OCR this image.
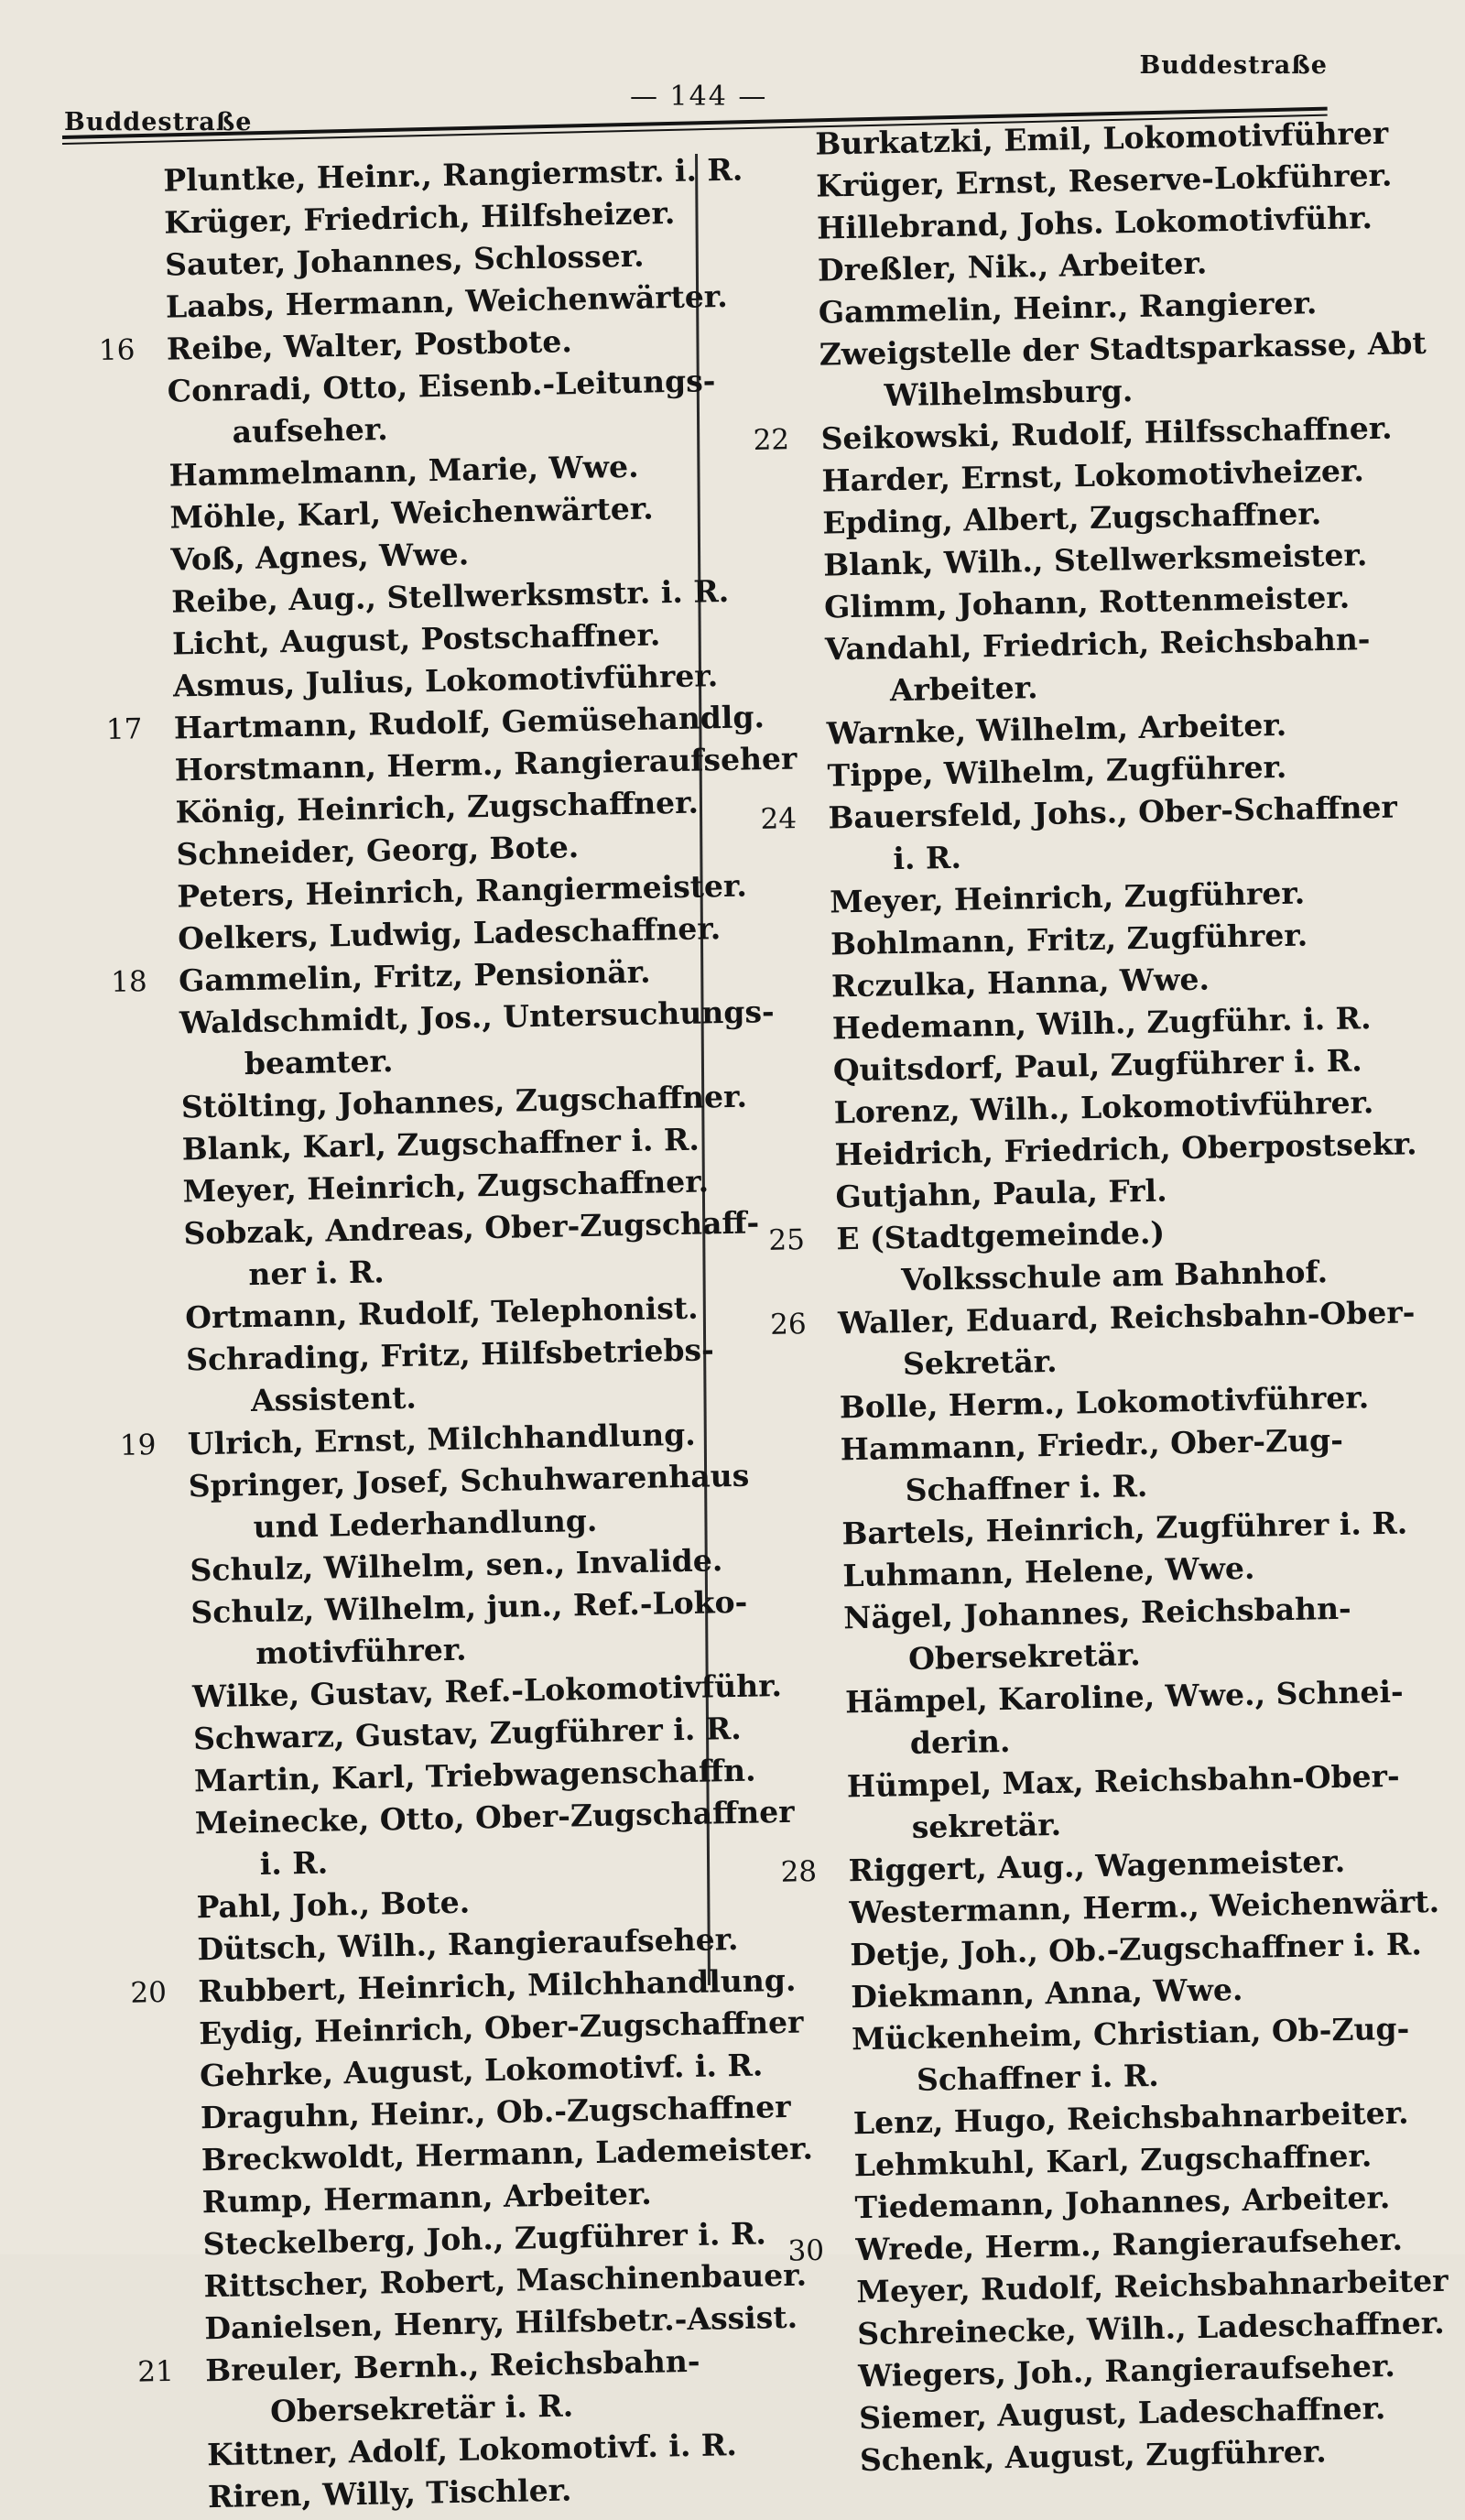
Buddestraße
— 144 —
Buddestraße
Pluntke, Heinr., Rangiermstr. i. R.
Krüger, Friedrich, Hilfsheizer.
Sauter, Johannes, Schlosser.
Laabs, Hermann, Weichenwärter.
16	Reibe, Walter, Postbote.
Conradi, Otto, Eisenb.-Leitungs-
aufseher.
Hammelmann, Marie, Wwe.
Möhle, Karl, Weichenwärter.
Voß, Agnes, Wwe.
Reibe, Aug., Stellwerksmstr. i. R.
Licht, August, Postschaffner.
Asmus, Julius, Lokomotivführer.
17	Hartmann, Rudolf, Gemüsehandlg.
Horstmann, Herm., Rangieraufseher
König, Heinrich, Zugschaffner.
Schneider, Georg, Bote.
Peters, Heinrich, Rangiermeister.
Oelkers, Ludwig, Ladeschaffner.
18	Gammelin, Fritz, Pensionär.
Waldschmidt, Jos., Untersuchungs-
beamter.
Stölting, Johannes, Zugschaffner.
Blank, Karl, Zugschaffner i. R.
Meyer, Heinrich, Zugschaffner.
Sobzak, Andreas, Ober-Zugschaff-
ner i. R.
Ortmann, Rudolf, Telephonist.
Schrading, Fritz, Hilfsbetriebs-
Assistent.
19	Ulrich, Ernst, Milchhandlung.
Springer, Josef, Schuhwarenhaus
und Lederhandlung.
Schulz, Wilhelm, sen., Invalide.
Schulz, Wilhelm, jun., Ref.-Loko-
motivführer.
Wilke, Gustav, Ref.-Lokomotivführ.
Schwarz, Gustav, Zugführer i. R.
Martin, Karl, Triebwagenschaffn.
Meinecke, Otto, Ober-Zugschaffner
i. R.
Pahl, Joh., Bote.
Dütsch, Wilh., Rangieraufseher.
20	Rubbert, Heinrich, Milchhandlung.
Eydig, Heinrich, Ober-Zugschaffner
Gehrke, August, Lokomotivf. i. R.
Draguhn, Heinr., Ob.-Zugschaffner
Breckwoldt, Hermann, Lademeister.
Rump, Hermann, Arbeiter.
Steckelberg, Joh., Zugführer i. R.
Rittscher, Robert, Maschinenbauer.
Danielsen, Henry, Hilfsbetr.-Assist.
21	Breuler, Bernh., Reichsbahn-
Obersekretär i. R.
Kittner, Adolf, Lokomotivf. i. R.
Riren, Willy, Tischler.
Burkatzki, Emil, Lokomotivführer
Krüger, Ernst, Reserve-Lokführer.
Hillebrand, Johs. Lokomotivführ.
Dreßler, Nik., Arbeiter.
Gammelin, Heinr., Rangierer.
Zweigstelle der Stadtsparkasse, Abt
Wilhelmsburg.
22	Seikowski, Rudolf, Hilfsschaffner.
Harder, Ernst, Lokomotivheizer.
Epding, Albert, Zugschaffner.
Blank, Wilh., Stellwerksmeister.
Glimm, Johann, Rottenmeister.
Vandahl, Friedrich, Reichsbahn-
Arbeiter.
Warnke, Wilhelm, Arbeiter.
Tippe, Wilhelm, Zugführer.
24	Bauersfeld, Johs., Ober-Schaffner
i. R.
Meyer, Heinrich, Zugführer.
Bohlmann, Fritz, Zugführer.
Rczulka, Hanna, Wwe.
Hedemann, Wilh., Zugführ. i. R.
Quitsdorf, Paul, Zugführer i. R.
Lorenz, Wilh., Lokomotivführer.
Heidrich, Friedrich, Oberpostsekr.
Gutjahn, Paula, Frl.
25	E (Stadtgemeinde.)
Volksschule am Bahnhof.
26	Waller, Eduard, Reichsbahn-Ober-
Sekretär.
Bolle, Herm., Lokomotivführer.
Hammann, Friedr., Ober-Zug-
Schaffner i. R.
Bartels, Heinrich, Zugführer i. R.
Luhmann, Helene, Wwe.
Nägel, Johannes, Reichsbahn-
Obersekretär.
Hämpel, Karoline, Wwe., Schnei-
derin.
Hümpel, Max, Reichsbahn-Ober-
sekretär.
28	Riggert, Aug., Wagenmeister.
Westermann, Herm., Weichenwärt.
Detje, Joh., Ob.-Zugschaffner i. R.
Diekmann, Anna, Wwe.
Mückenheim, Christian, Ob-Zug-
Schaffner i. R.
Lenz, Hugo, Reichsbahnarbeiter.
Lehmkuhl, Karl, Zugschaffner.
Tiedemann, Johannes, Arbeiter.
30	Wrede, Herm., Rangieraufseher.
Meyer, Rudolf, Reichsbahnarbeiter
Schreinecke, Wilh., Ladeschaffner.
Wiegers, Joh., Rangieraufseher.
Siemer, August, Ladeschaffner.
Schenk, August, Zugführer.
